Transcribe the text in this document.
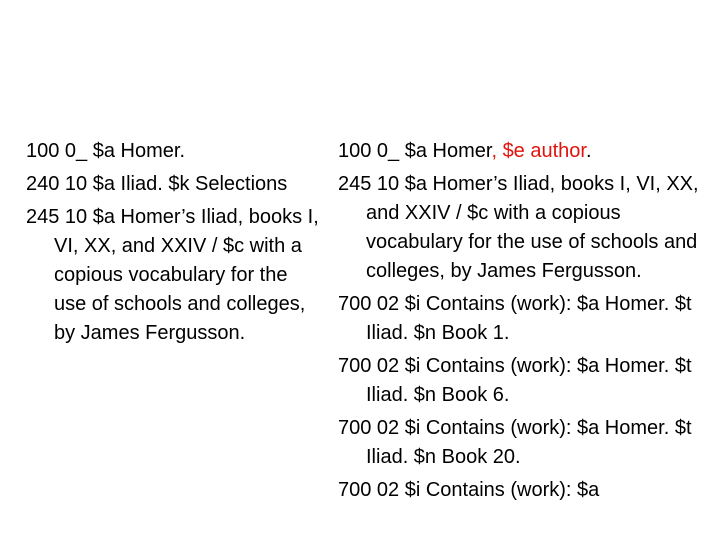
100 0_ $a Homer.
240 10 $a Iliad. $k Selections
245 10 $a Homer’s Iliad, books I, VI, XX, and XXIV / $c with a copious vocabulary for the use of schools and colleges, by James Fergusson.
100 0_ $a Homer, $e author.
245 10 $a Homer’s Iliad, books I, VI, XX, and XXIV / $c with a copious vocabulary for the use of schools and colleges, by James Fergusson.
700 02 $i Contains (work): $a Homer. $t Iliad. $n Book 1.
700 02 $i Contains (work): $a Homer. $t Iliad. $n Book 6.
700 02 $i Contains (work): $a Homer. $t Iliad. $n Book 20.
700 02 $i Contains (work): $a
